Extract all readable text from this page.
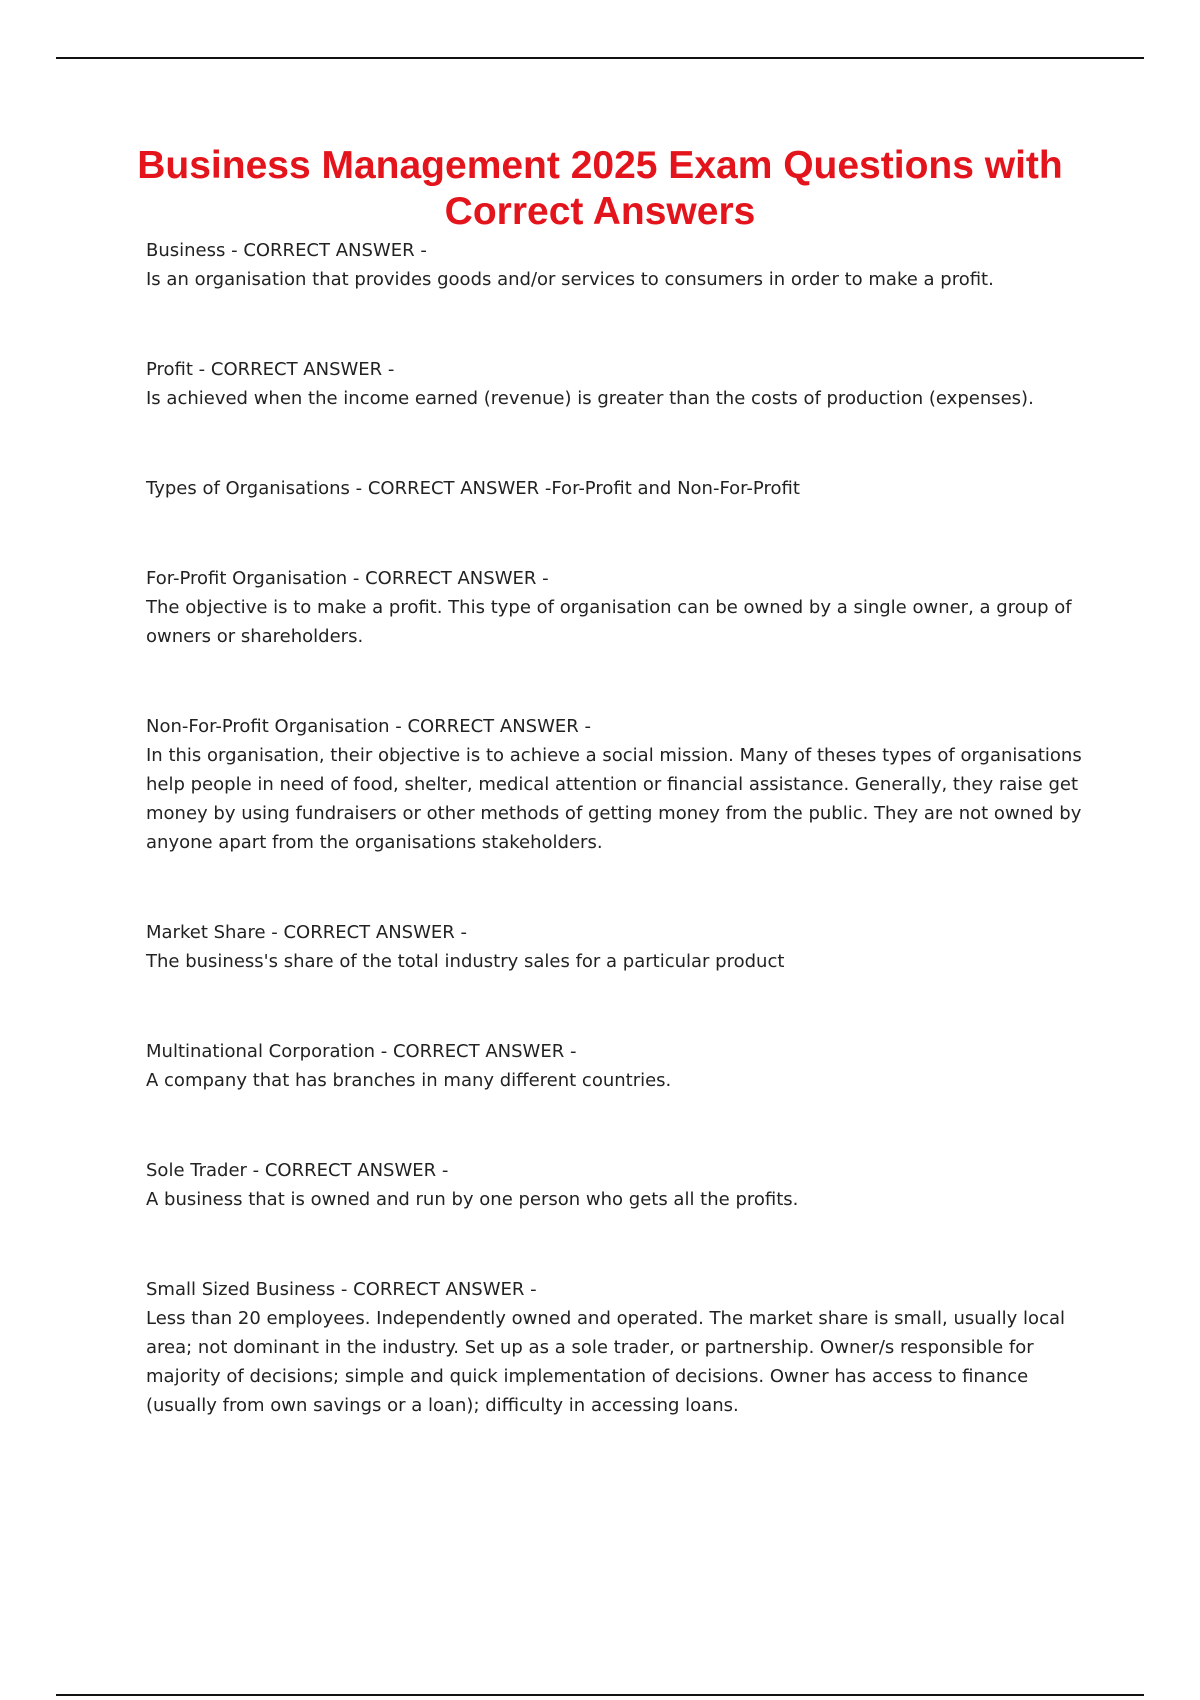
Business Management 2025 Exam Questions with Correct Answers

Business - CORRECT ANSWER -
Is an organisation that provides goods and/or services to consumers in order to make a profit.

Profit - CORRECT ANSWER -
Is achieved when the income earned (revenue) is greater than the costs of production (expenses).

Types of Organisations - CORRECT ANSWER -For-Profit and Non-For-Profit

For-Profit Organisation - CORRECT ANSWER -
The objective is to make a profit. This type of organisation can be owned by a single owner, a group of owners or shareholders.

Non-For-Profit Organisation - CORRECT ANSWER -
In this organisation, their objective is to achieve a social mission. Many of theses types of organisations help people in need of food, shelter, medical attention or financial assistance. Generally, they raise get money by using fundraisers or other methods of getting money from the public. They are not owned by anyone apart from the organisations stakeholders.

Market Share - CORRECT ANSWER -
The business's share of the total industry sales for a particular product

Multinational Corporation - CORRECT ANSWER -
A company that has branches in many different countries.

Sole Trader - CORRECT ANSWER -
A business that is owned and run by one person who gets all the profits.

Small Sized Business - CORRECT ANSWER -
Less than 20 employees. Independently owned and operated. The market share is small, usually local area; not dominant in the industry. Set up as a sole trader, or partnership. Owner/s responsible for majority of decisions; simple and quick implementation of decisions. Owner has access to finance (usually from own savings or a loan); difficulty in accessing loans.
